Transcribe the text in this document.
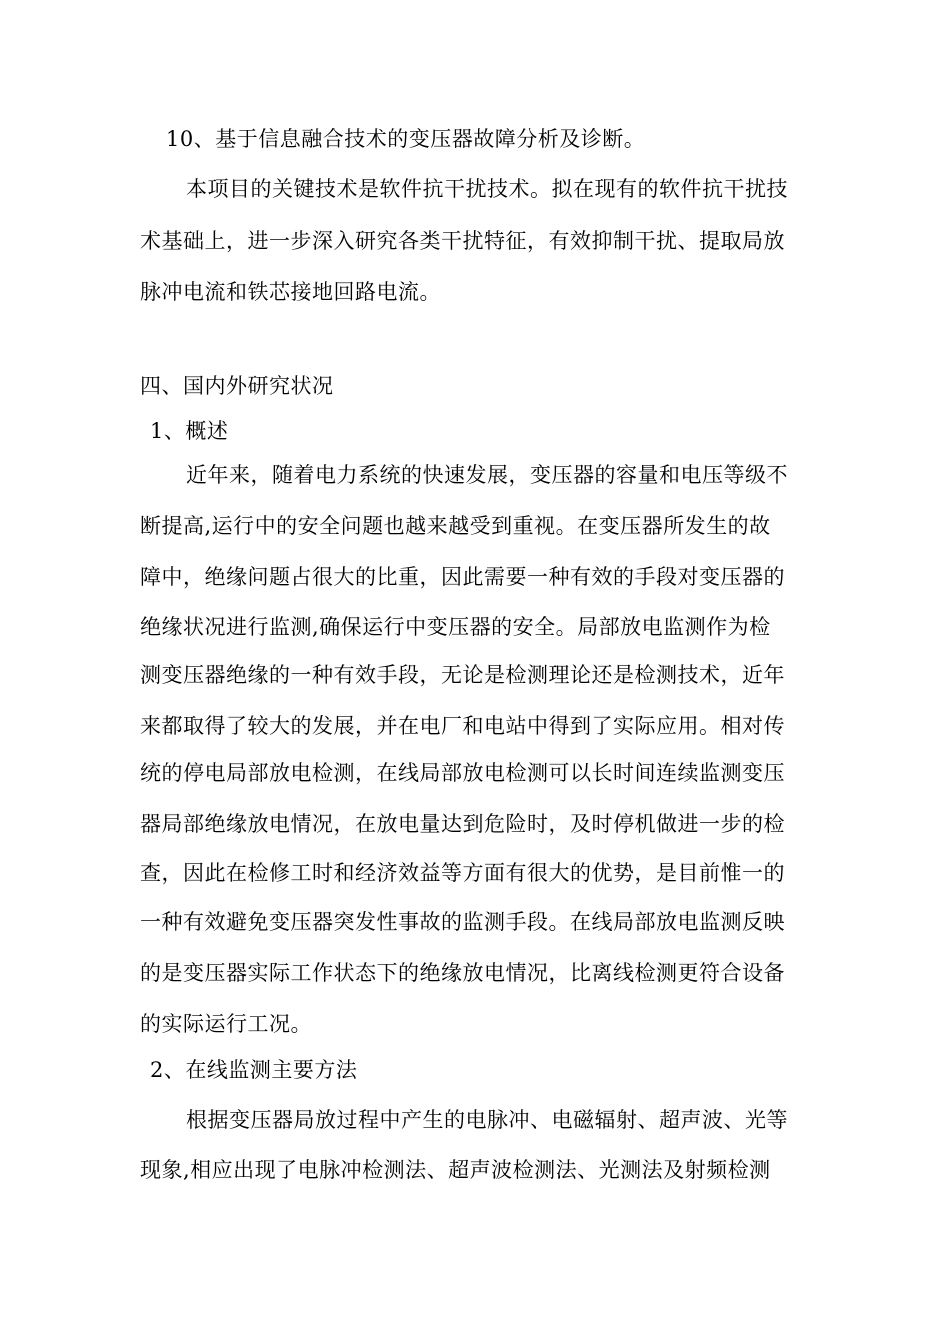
10、基于信息融合技术的变压器故障分析及诊断。
本项目的关键技术是软件抗干扰技术。拟在现有的软件抗干扰技
术基础上，进一步深入研究各类干扰特征，有效抑制干扰、提取局放
脉冲电流和铁芯接地回路电流。
四、国内外研究状况
1、概述
近年来，随着电力系统的快速发展，变压器的容量和电压等级不
断提高,运行中的安全问题也越来越受到重视。在变压器所发生的故
障中，绝缘问题占很大的比重，因此需要一种有效的手段对变压器的
绝缘状况进行监测,确保运行中变压器的安全。局部放电监测作为检
测变压器绝缘的一种有效手段，无论是检测理论还是检测技术，近年
来都取得了较大的发展，并在电厂和电站中得到了实际应用。相对传
统的停电局部放电检测，在线局部放电检测可以长时间连续监测变压
器局部绝缘放电情况，在放电量达到危险时，及时停机做进一步的检
查，因此在检修工时和经济效益等方面有很大的优势，是目前惟一的
一种有效避免变压器突发性事故的监测手段。在线局部放电监测反映
的是变压器实际工作状态下的绝缘放电情况，比离线检测更符合设备
的实际运行工况。
2、在线监测主要方法
根据变压器局放过程中产生的电脉冲、电磁辐射、超声波、光等
现象,相应出现了电脉冲检测法、超声波检测法、光测法及射频检测
